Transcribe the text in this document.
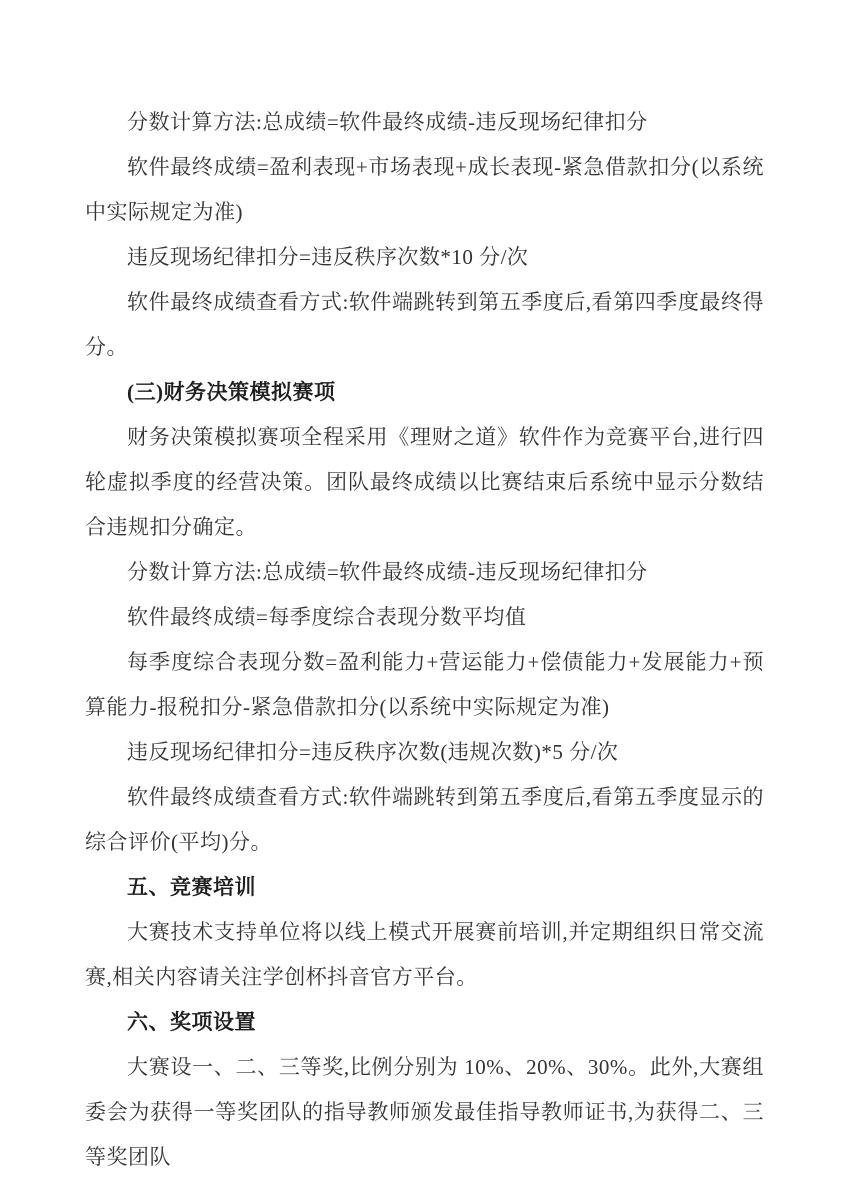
分数计算方法:总成绩=软件最终成绩-违反现场纪律扣分

软件最终成绩=盈利表现+市场表现+成长表现-紧急借款扣分(以系统中实际规定为准)

违反现场纪律扣分=违反秩序次数*10 分/次

软件最终成绩查看方式:软件端跳转到第五季度后,看第四季度最终得分。

(三)财务决策模拟赛项

财务决策模拟赛项全程采用《理财之道》软件作为竞赛平台,进行四轮虚拟季度的经营决策。团队最终成绩以比赛结束后系统中显示分数结合违规扣分确定。

分数计算方法:总成绩=软件最终成绩-违反现场纪律扣分

软件最终成绩=每季度综合表现分数平均值

每季度综合表现分数=盈利能力+营运能力+偿债能力+发展能力+预算能力-报税扣分-紧急借款扣分(以系统中实际规定为准)

违反现场纪律扣分=违反秩序次数(违规次数)*5 分/次

软件最终成绩查看方式:软件端跳转到第五季度后,看第五季度显示的综合评价(平均)分。

五、竞赛培训

大赛技术支持单位将以线上模式开展赛前培训,并定期组织日常交流赛,相关内容请关注学创杯抖音官方平台。

六、奖项设置

大赛设一、二、三等奖,比例分别为 10%、20%、30%。此外,大赛组委会为获得一等奖团队的指导教师颁发最佳指导教师证书,为获得二、三等奖团队
